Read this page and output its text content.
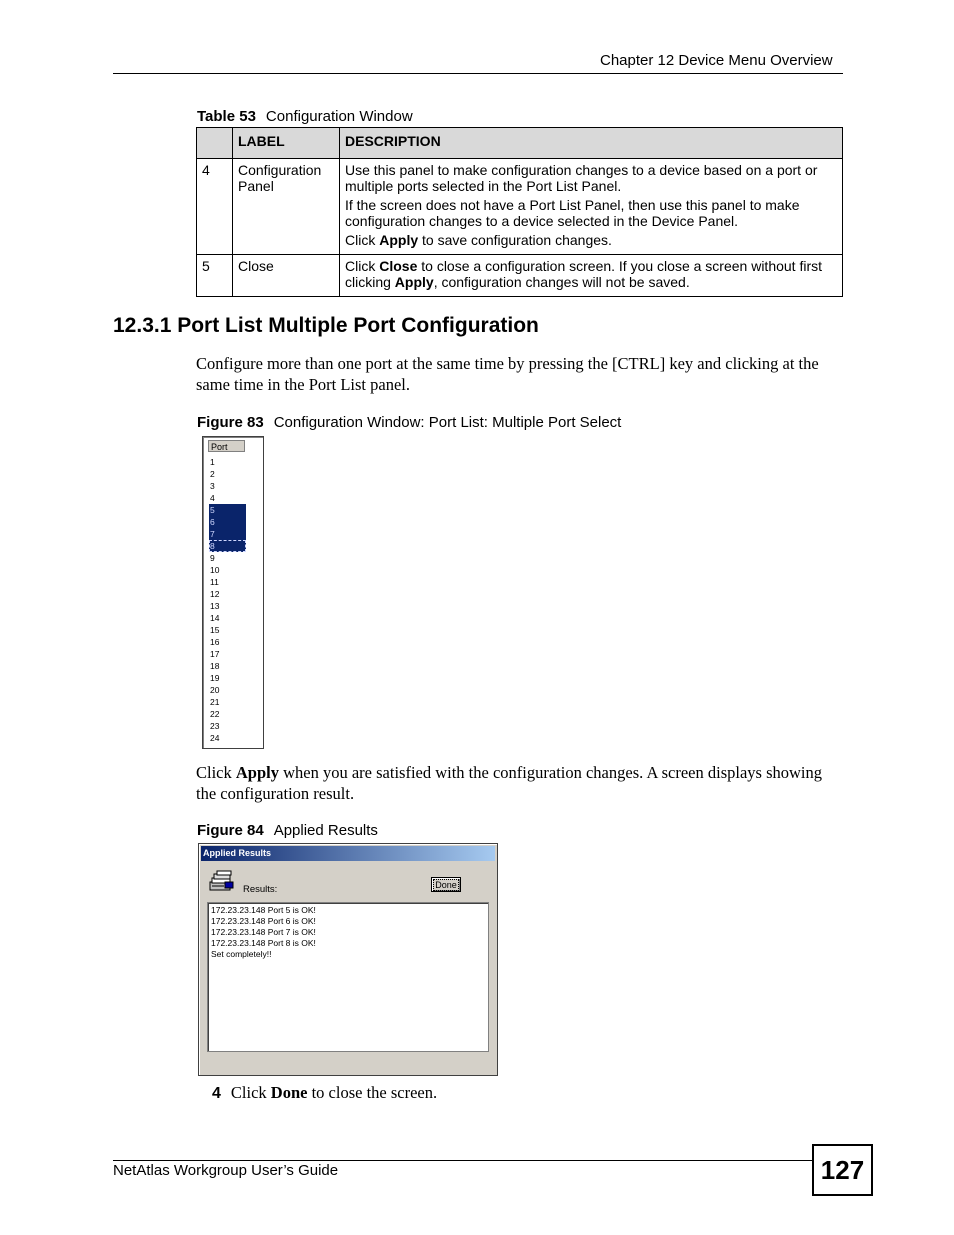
Chapter 12 Device Menu Overview
Table 53 Configuration Window
	LABEL	DESCRIPTION
4	Configuration Panel	Use this panel to make configuration changes to a device based on a port or multiple ports selected in the Port List Panel.

If the screen does not have a Port List Panel, then use this panel to make configuration changes to a device selected in the Device Panel.

Click Apply to save configuration changes.

5	Close	Click Close to close a configuration screen. If you close a screen without first clicking Apply, configuration changes will not be saved.

12.3.1 Port List Multiple Port Configuration
Configure more than one port at the same time by pressing the [CTRL] key and clicking at the same time in the Port List panel.
Figure 83 Configuration Window: Port List: Multiple Port Select
Port
1
2
3
4
5
6
7
8
9
10
11
12
13
14
15
16
17
18
19
20
21
22
23
24
Click Apply when you are satisfied with the configuration changes. A screen displays showing the configuration result.
Figure 84 Applied Results
Applied Results
Results:	Done
172.23.23.148 Port 5 is OK!
172.23.23.148 Port 6 is OK!
172.23.23.148 Port 7 is OK!
172.23.23.148 Port 8 is OK!
Set completely!!
4 Click Done to close the screen.
NetAtlas Workgroup User’s Guide	127
